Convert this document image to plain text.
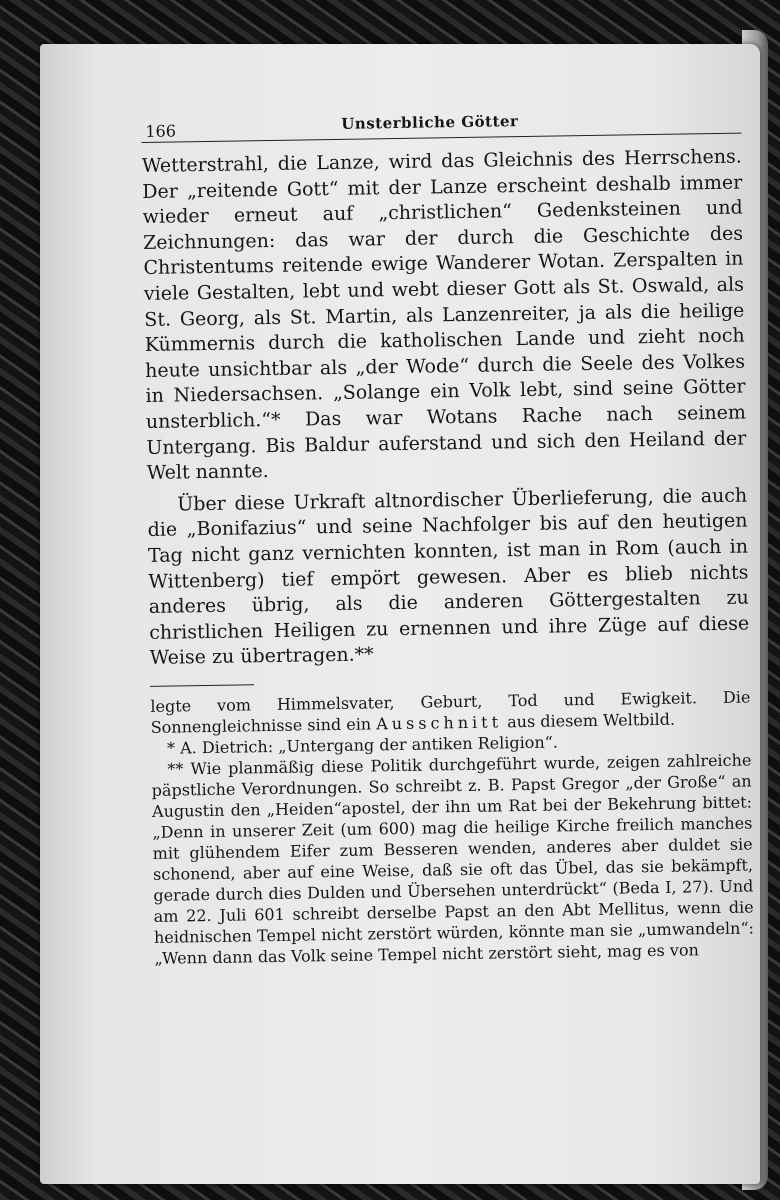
166	Unsterbliche Götter

Wetterstrahl, die Lanze, wird das Gleichnis des Herrschens. Der „reitende Gott“ mit der Lanze erscheint deshalb immer wieder erneut auf „christlichen“ Gedenksteinen und Zeichnungen: das war der durch die Geschichte des Christentums reitende ewige Wanderer Wotan. Zerspalten in viele Gestalten, lebt und webt dieser Gott als St. Oswald, als St. Georg, als St. Martin, als Lanzenreiter, ja als die heilige Kümmernis durch die katholischen Lande und zieht noch heute unsichtbar als „der Wode“ durch die Seele des Volkes in Niedersachsen. „Solange ein Volk lebt, sind seine Götter unsterblich.“* Das war Wotans Rache nach seinem Untergang. Bis Baldur auferstand und sich den Heiland der Welt nannte.

Über diese Urkraft altnordischer Überlieferung, die auch die „Bonifazius“ und seine Nachfolger bis auf den heutigen Tag nicht ganz vernichten konnten, ist man in Rom (auch in Wittenberg) tief empört gewesen. Aber es blieb nichts anderes übrig, als die anderen Göttergestalten zu christlichen Heiligen zu ernennen und ihre Züge auf diese Weise zu übertragen.**

legte vom Himmelsvater, Geburt, Tod und Ewigkeit. Die Sonnengleichnisse sind ein Ausschnitt aus diesem Weltbild.

* A. Dietrich: „Untergang der antiken Religion“.

** Wie planmäßig diese Politik durchgeführt wurde, zeigen zahlreiche päpstliche Verordnungen. So schreibt z. B. Papst Gregor „der Große“ an Augustin den „Heiden“apostel, der ihn um Rat bei der Bekehrung bittet: „Denn in unserer Zeit (um 600) mag die heilige Kirche freilich manches mit glühendem Eifer zum Besseren wenden, anderes aber duldet sie schonend, aber auf eine Weise, daß sie oft das Übel, das sie bekämpft, gerade durch dies Dulden und Übersehen unterdrückt“ (Beda I, 27). Und am 22. Juli 601 schreibt derselbe Papst an den Abt Mellitus, wenn die heidnischen Tempel nicht zerstört würden, könnte man sie „umwandeln“: „Wenn dann das Volk seine Tempel nicht zerstört sieht, mag es von
